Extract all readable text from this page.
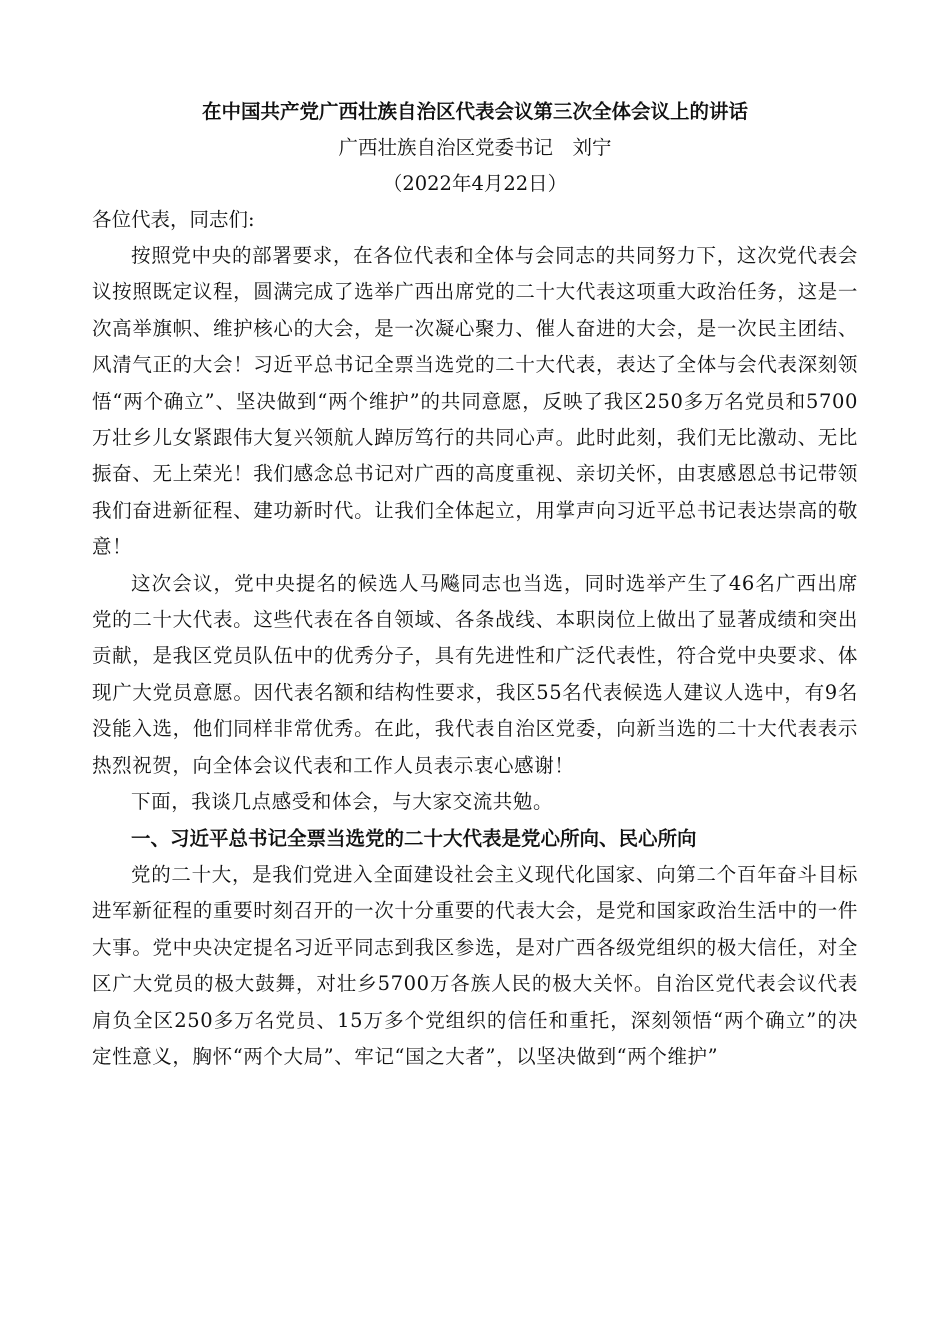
在中国共产党广西壮族自治区代表会议第三次全体会议上的讲话

广西壮族自治区党委书记　刘宁

（2022年4月22日）

各位代表，同志们:

按照党中央的部署要求，在各位代表和全体与会同志的共同努力下，这次党代表会议按照既定议程，圆满完成了选举广西出席党的二十大代表这项重大政治任务，这是一次高举旗帜、维护核心的大会，是一次凝心聚力、催人奋进的大会，是一次民主团结、风清气正的大会！习近平总书记全票当选党的二十大代表，表达了全体与会代表深刻领悟“两个确立”、坚决做到“两个维护”的共同意愿，反映了我区250多万名党员和5700万壮乡儿女紧跟伟大复兴领航人踔厉笃行的共同心声。此时此刻，我们无比激动、无比振奋、无上荣光！我们感念总书记对广西的高度重视、亲切关怀，由衷感恩总书记带领我们奋进新征程、建功新时代。让我们全体起立，用掌声向习近平总书记表达崇高的敬意！

这次会议，党中央提名的候选人马飚同志也当选，同时选举产生了46名广西出席党的二十大代表。这些代表在各自领域、各条战线、本职岗位上做出了显著成绩和突出贡献，是我区党员队伍中的优秀分子，具有先进性和广泛代表性，符合党中央要求、体现广大党员意愿。因代表名额和结构性要求，我区55名代表候选人建议人选中，有9名没能入选，他们同样非常优秀。在此，我代表自治区党委，向新当选的二十大代表表示热烈祝贺，向全体会议代表和工作人员表示衷心感谢！

下面，我谈几点感受和体会，与大家交流共勉。

一、习近平总书记全票当选党的二十大代表是党心所向、民心所向

党的二十大，是我们党进入全面建设社会主义现代化国家、向第二个百年奋斗目标进军新征程的重要时刻召开的一次十分重要的代表大会，是党和国家政治生活中的一件大事。党中央决定提名习近平同志到我区参选，是对广西各级党组织的极大信任，对全区广大党员的极大鼓舞，对壮乡5700万各族人民的极大关怀。自治区党代表会议代表肩负全区250多万名党员、15万多个党组织的信任和重托，深刻领悟“两个确立”的决定性意义，胸怀“两个大局”、牢记“国之大者”，以坚决做到“两个维护”
